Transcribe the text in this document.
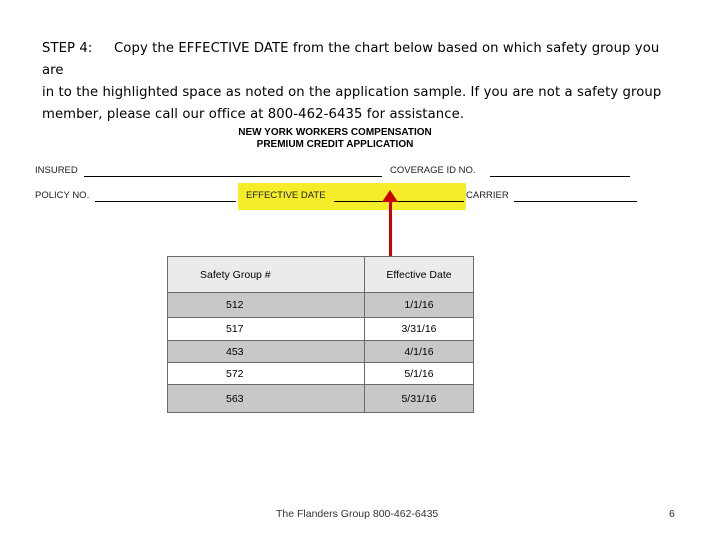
STEP 4: Copy the EFFECTIVE DATE from the chart below based on which safety group you are
in to the highlighted space as noted on the application sample. If you are not a safety group
member, please call our office at 800-462-6435 for assistance.
NEW YORK WORKERS COMPENSATION
PREMIUM CREDIT APPLICATION
INSURED	COVERAGE ID NO.
POLICY NO.	EFFECTIVE DATE	CARRIER
Safety Group #	Effective Date
512	1/1/16
517	3/31/16
453	4/1/16
572	5/1/16
563	5/31/16
The Flanders Group 800-462-6435	6
